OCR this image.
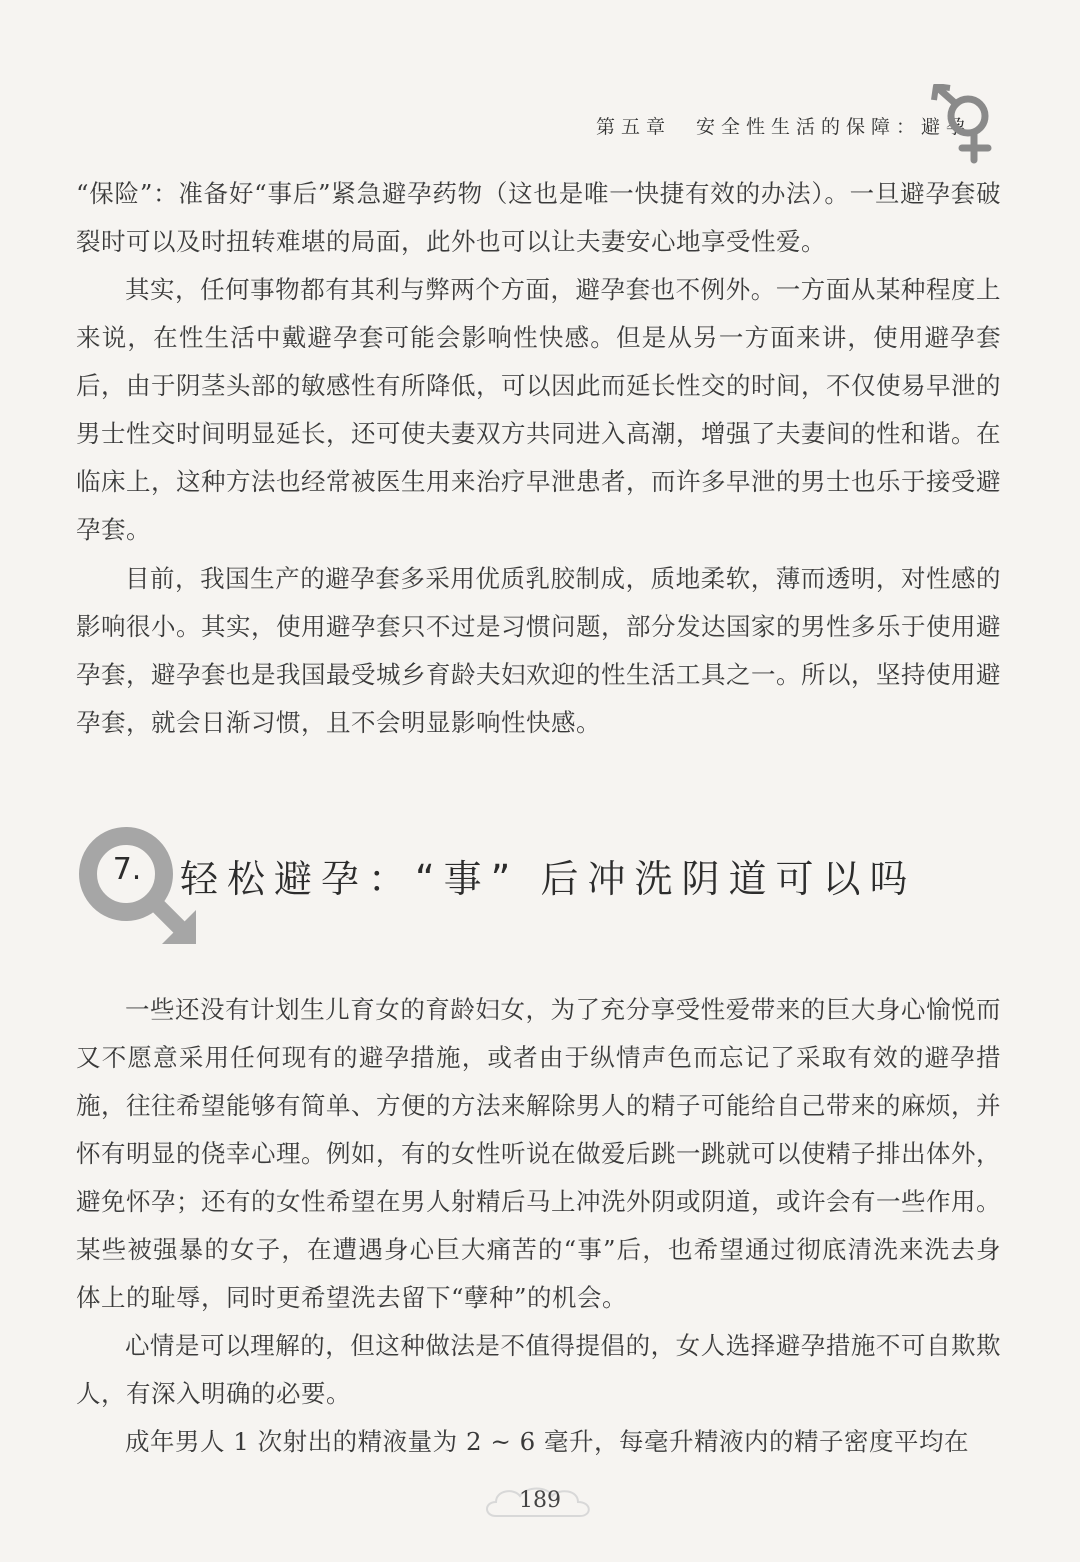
第五章　安全性生活的保障：避孕

“保险”：准备好“事后”紧急避孕药物（这也是唯一快捷有效的办法）。一旦避孕套破裂时可以及时扭转难堪的局面，此外也可以让夫妻安心地享受性爱。

其实，任何事物都有其利与弊两个方面，避孕套也不例外。一方面从某种程度上来说，在性生活中戴避孕套可能会影响性快感。但是从另一方面来讲，使用避孕套后，由于阴茎头部的敏感性有所降低，可以因此而延长性交的时间，不仅使易早泄的男士性交时间明显延长，还可使夫妻双方共同进入高潮，增强了夫妻间的性和谐。在临床上，这种方法也经常被医生用来治疗早泄患者，而许多早泄的男士也乐于接受避孕套。

目前，我国生产的避孕套多采用优质乳胶制成，质地柔软，薄而透明，对性感的影响很小。其实，使用避孕套只不过是习惯问题，部分发达国家的男性多乐于使用避孕套，避孕套也是我国最受城乡育龄夫妇欢迎的性生活工具之一。所以，坚持使用避孕套，就会日渐习惯，且不会明显影响性快感。

7. 轻松避孕：“事” 后冲洗阴道可以吗

一些还没有计划生儿育女的育龄妇女，为了充分享受性爱带来的巨大身心愉悦而又不愿意采用任何现有的避孕措施，或者由于纵情声色而忘记了采取有效的避孕措施，往往希望能够有简单、方便的方法来解除男人的精子可能给自己带来的麻烦，并怀有明显的侥幸心理。例如，有的女性听说在做爱后跳一跳就可以使精子排出体外，避免怀孕；还有的女性希望在男人射精后马上冲洗外阴或阴道，或许会有一些作用。某些被强暴的女子，在遭遇身心巨大痛苦的“事”后，也希望通过彻底清洗来洗去身体上的耻辱，同时更希望洗去留下“孽种”的机会。

心情是可以理解的，但这种做法是不值得提倡的，女人选择避孕措施不可自欺欺人，有深入明确的必要。

成年男人 1 次射出的精液量为 2 ~ 6 毫升，每毫升精液内的精子密度平均在

189
